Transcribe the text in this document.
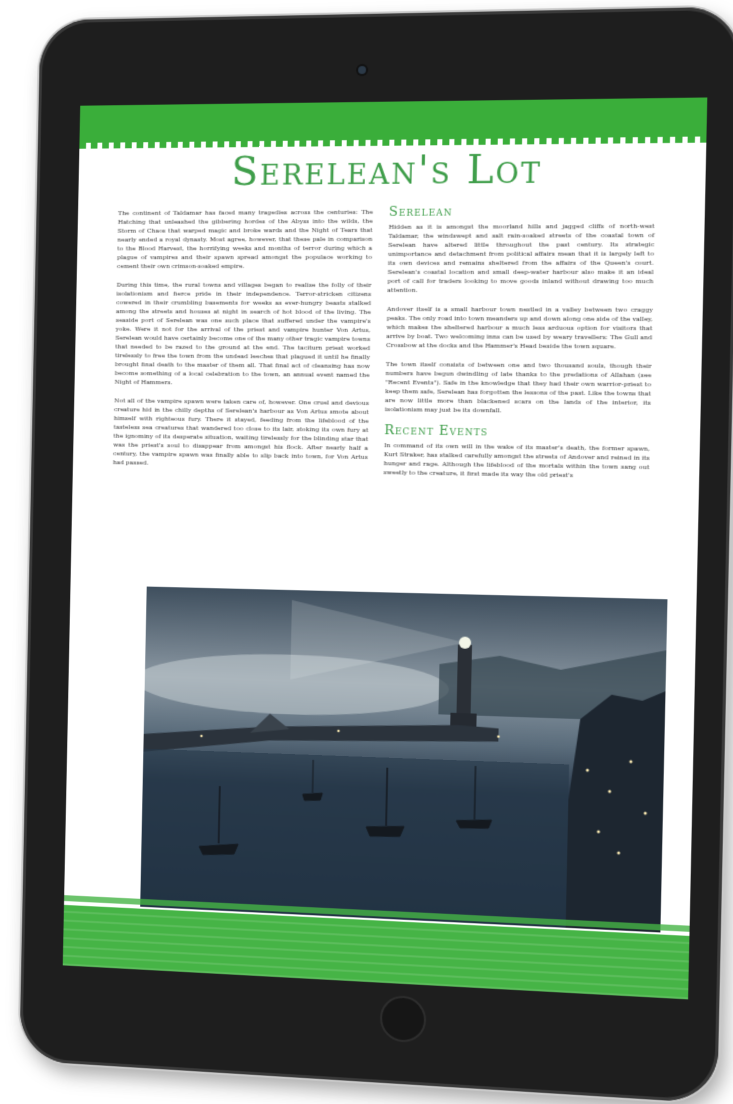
Serelean's Lot

The continent of Taldamar has faced many tragedies across the centuries: The Hatching that unleashed the gibbering hordes of the Abyss into the wilds, the Storm of Chaos that warped magic and broke wards and the Night of Tears that nearly ended a royal dynasty. Most agree, however, that these pale in comparison to the Blood Harvest, the horrifying weeks and months of terror during which a plague of vampires and their spawn spread amongst the populace working to cement their own crimson-soaked empire.

During this time, the rural towns and villages began to realise the folly of their isolationism and fierce pride in their independence. Terror-stricken citizens cowered in their crumbling basements for weeks as ever-hungry beasts stalked among the streets and houses at night in search of hot blood of the living. The seaside port of Serelean was one such place that suffered under the vampire's yoke. Were it not for the arrival of the priest and vampire hunter Von Artus, Serelean would have certainly become one of the many other tragic vampire towns that needed to be razed to the ground at the end. The taciturn priest worked tirelessly to free the town from the undead leeches that plagued it until he finally brought final death to the master of them all. That final act of cleansing has now become something of a local celebration to the town, an annual event named the Night of Hammers.

Not all of the vampire spawn were taken care of, however. One cruel and devious creature hid in the chilly depths of Serelean's harbour as Von Artus smote about himself with righteous fury. There it stayed, feeding from the lifeblood of the tasteless sea creatures that wandered too close to its lair, stoking its own fury at the ignominy of its desperate situation, waiting tirelessly for the blinding star that was the priest's soul to disappear from amongst his flock. After nearly half a century, the vampire spawn was finally able to slip back into town, for Von Artus had passed.

Serelean

Hidden as it is amongst the moorland hills and jagged cliffs of north-west Taldamar, the windswept and salt rain-soaked streets of the coastal town of Serelean have altered little throughout the past century. Its strategic unimportance and detachment from political affairs mean that it is largely left to its own devices and remains sheltered from the affairs of the Queen's court. Serelean's coastal location and small deep-water harbour also make it an ideal port of call for traders looking to move goods inland without drawing too much attention.

Andover itself is a small harbour town nestled in a valley between two craggy peaks. The only road into town meanders up and down along one side of the valley, which makes the sheltered harbour a much less arduous option for visitors that arrive by boat. Two welcoming inns can be used by weary travellers: The Gull and Crossbow at the docks and the Hammer's Head beside the town square.

The town itself consists of between one and two thousand souls, though their numbers have begun dwindling of late thanks to the predations of Allahan (see "Recent Events"). Safe in the knowledge that they had their own warrior-priest to keep them safe, Serelean has forgotten the lessons of the past. Like the towns that are now little more than blackened scars on the lands of the interior, its isolationism may just be its downfall.

Recent Events

In command of its own will in the wake of its master's death, the former spawn, Kurt Straker, has stalked carefully amongst the streets of Andover and reined in its hunger and rage. Although the lifeblood of the mortals within the town sang out sweetly to the creature, it first made its way the old priest's
